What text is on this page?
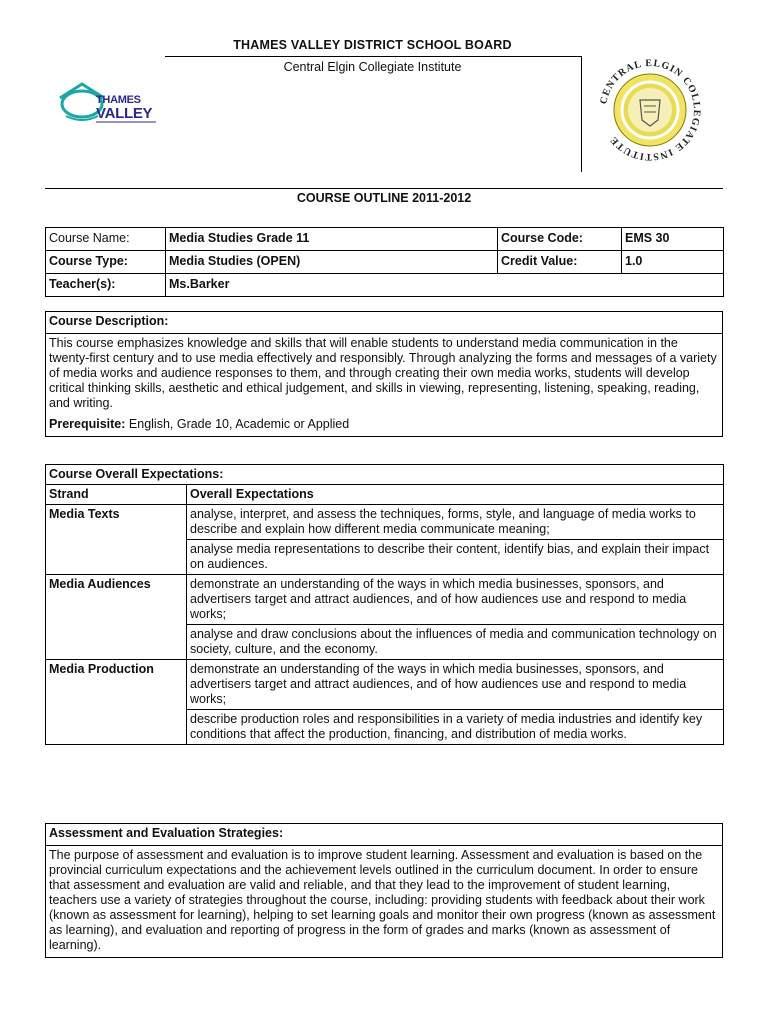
THAMES VALLEY DISTRICT SCHOOL BOARD
Central Elgin Collegiate Institute
THAMES
VALLEY
CENTRAL ELGIN COLLEGIATE INSTITUTE
COURSE OUTLINE 2011-2012
Course Name:	Media Studies Grade 11	Course Code:	EMS 30
Course Type:	Media Studies (OPEN)	Credit Value:	1.0
Teacher(s):	Ms.Barker		
Course Description:

This course emphasizes knowledge and skills that will enable students to understand media communication in the twenty-first century and to use media effectively and responsibly. Through analyzing the forms and messages of a variety of media works and audience responses to them, and through creating their own media works, students will develop critical thinking skills, aesthetic and ethical judgement, and skills in viewing, representing, listening, speaking, reading, and writing.
Prerequisite: English, Grade 10, Academic or Applied
Course Overall Expectations:	
Strand	Overall Expectations
Media Texts	analyse, interpret, and assess the techniques, forms, style, and language of media works to describe and explain how different media communicate meaning;
	analyse media representations to describe their content, identify bias, and explain their impact on audiences.
Media Audiences	demonstrate an understanding of the ways in which media businesses, sponsors, and advertisers target and attract audiences, and of how audiences use and respond to media works;
	analyse and draw conclusions about the influences of media and communication technology on society, culture, and the economy.
Media Production	demonstrate an understanding of the ways in which media businesses, sponsors, and advertisers target and attract audiences, and of how audiences use and respond to media works;
	describe production roles and responsibilities in a variety of media industries and identify key conditions that affect the production, financing, and distribution of media works.
Assessment and Evaluation Strategies:
The purpose of assessment and evaluation is to improve student learning. Assessment and evaluation is based on the provincial curriculum expectations and the achievement levels outlined in the curriculum document. In order to ensure that assessment and evaluation are valid and reliable, and that they lead to the improvement of student learning, teachers use a variety of strategies throughout the course, including: providing students with feedback about their work (known as assessment for learning), helping to set learning goals and monitor their own progress (known as assessment as learning), and evaluation and reporting of progress in the form of grades and marks (known as assessment of learning).
